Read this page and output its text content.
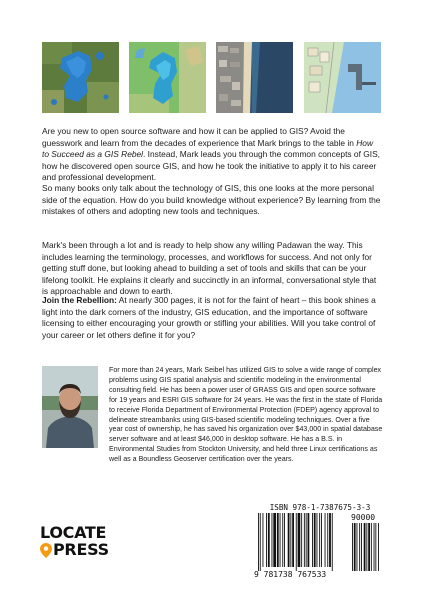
Are you new to open source software and how it can be applied to GIS? Avoid the guesswork and learn from the decades of experience that Mark brings to the table in How to Succeed as a GIS Rebel. Instead, Mark leads you through the common concepts of GIS, how he discovered open source GIS, and how he took the initiative to apply it to his career and professional development.

So many books only talk about the technology of GIS, this one looks at the more personal side of the equation. How do you build knowledge without experience? By learning from the mistakes of others and adopting new tools and techniques.

Mark's been through a lot and is ready to help show any willing Padawan the way. This includes learning the terminology, processes, and workflows for success. And not only for getting stuff done, but looking ahead to building a set of tools and skills that can be your lifelong toolkit. He explains it clearly and succinctly in an informal, conversational style that is approachable and down to earth.

Join the Rebellion: At nearly 300 pages, it is not for the faint of heart – this book shines a light into the dark corners of the industry, GIS education, and the importance of software licensing to either encouraging your growth or stifling your abilities. Will you take control of your career or let others define it for you?

For more than 24 years, Mark Seibel has utilized GIS to solve a wide range of complex problems using GIS spatial analysis and scientific modeling in the environmental consulting field. He has been a power user of GRASS GIS and open source software for 19 years and ESRI GIS software for 24 years. He was the first in the state of Florida to receive Florida Department of Environmental Protection (FDEP) agency approval to delineate streambanks using GIS-based scientific modeling techniques. Over a five year cost of ownership, he has saved his organization over $43,000 in spatial database server software and at least $46,000 in desktop software. He has a B.S. in Environmental Studies from Stockton University, and held three Linux certifications as well as a Boundless Geoserver certification over the years.
LOCATE
PRESS
ISBN 978-1-7387675-3-3
90000
9 781738 767533
